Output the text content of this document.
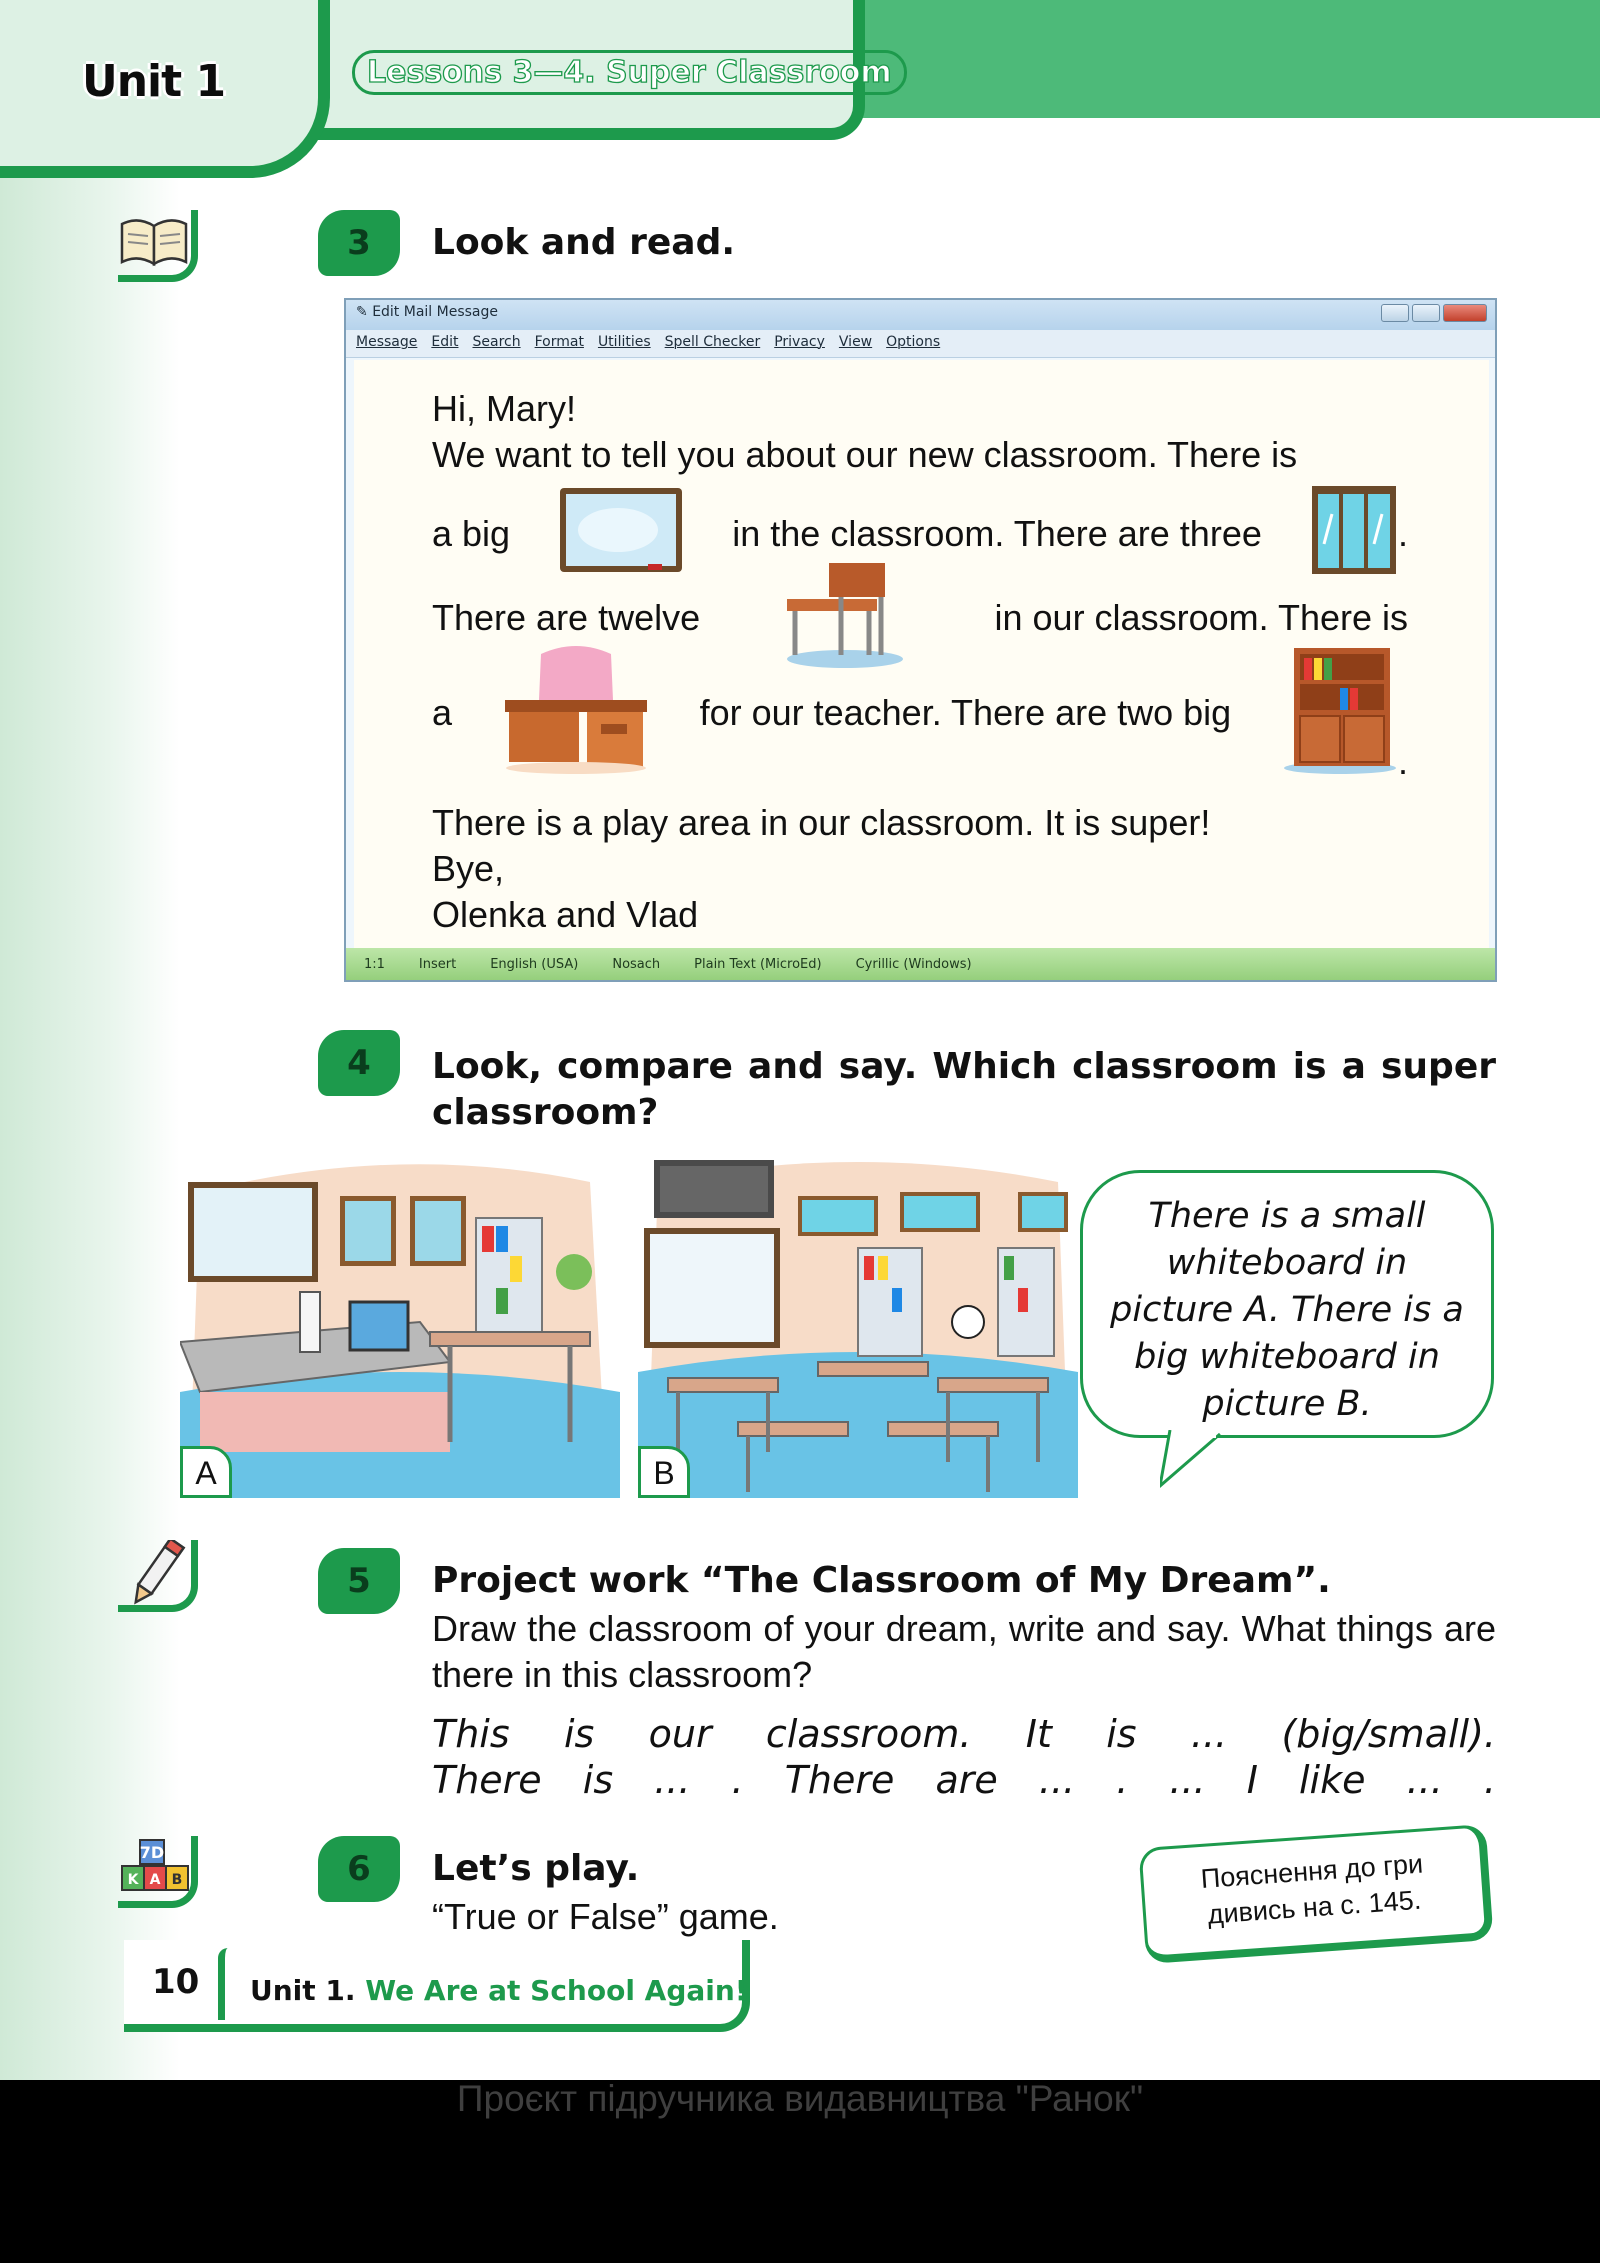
Unit 1	Lessons 3—4. Super Classroom
7D
K A B
3	Look and read.
✎ Edit Mail Message
Message Edit Search Format Utilities Spell Checker Privacy View Options
1:1	Insert	English (USA)	Nosach	Plain Text (MicroEd)	Cyrillic (Windows)
Hi, Mary!
We want to tell you about our new classroom. There is
a big	in the classroom. There are three	.
There are twelve	in our classroom. There is
a	for our teacher. There are two big
.
There is a play area in our classroom. It is super!
Bye,
Olenka and Vlad
4	Look, compare and say. Which classroom is a super classroom?
A	B
There is a small whiteboard in picture A. There is a big whiteboard in picture B.
5	Project work “The Classroom of My Dream”.
Draw the classroom of your dream, write and say. What things are there in this classroom?
This is our classroom. It is ... (big/small).
There is ... . There are ... . ... I like ... .
6	Let’s play.
“True or False” game.
Пояснення до гри дивись на с. 145.
10 Unit 1. We Are at School Again!
Проєкт підручника видавництва "Ранок"
